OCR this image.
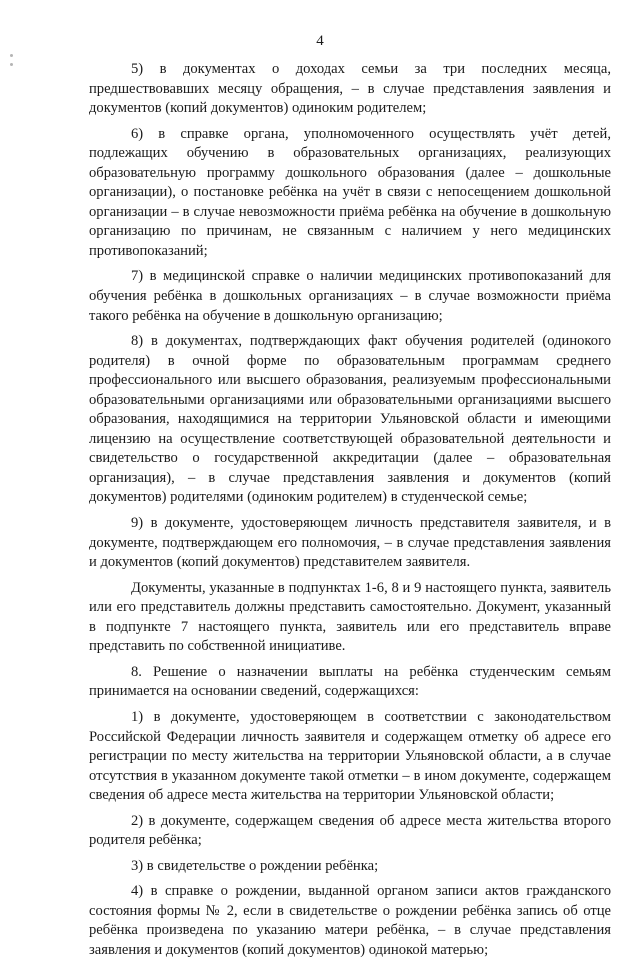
4

5) в документах о доходах семьи за три последних месяца, предшествовавших месяцу обращения, – в случае представления заявления и документов (копий документов) одиноким родителем;

6) в справке органа, уполномоченного осуществлять учёт детей, подлежащих обучению в образовательных организациях, реализующих образовательную программу дошкольного образования (далее – дошкольные организации), о постановке ребёнка на учёт в связи с непосещением дошкольной организации – в случае невозможности приёма ребёнка на обучение в дошкольную организацию по причинам, не связанным с наличием у него медицинских противопоказаний;

7) в медицинской справке о наличии медицинских противопоказаний для обучения ребёнка в дошкольных организациях – в случае возможности приёма такого ребёнка на обучение в дошкольную организацию;

8) в документах, подтверждающих факт обучения родителей (одинокого родителя) в очной форме по образовательным программам среднего профессионального или высшего образования, реализуемым профессиональными образовательными организациями или образовательными организациями высшего образования, находящимися на территории Ульяновской области и имеющими лицензию на осуществление соответствующей образовательной деятельности и свидетельство о государственной аккредитации (далее – образовательная организация), – в случае представления заявления и документов (копий документов) родителями (одиноким родителем) в студенческой семье;

9) в документе, удостоверяющем личность представителя заявителя, и в документе, подтверждающем его полномочия, – в случае представления заявления и документов (копий документов) представителем заявителя.

Документы, указанные в подпунктах 1-6, 8 и 9 настоящего пункта, заявитель или его представитель должны представить самостоятельно. Документ, указанный в подпункте 7 настоящего пункта, заявитель или его представитель вправе представить по собственной инициативе.

8. Решение о назначении выплаты на ребёнка студенческим семьям принимается на основании сведений, содержащихся:

1) в документе, удостоверяющем в соответствии с законодательством Российской Федерации личность заявителя и содержащем отметку об адресе его регистрации по месту жительства на территории Ульяновской области, а в случае отсутствия в указанном документе такой отметки – в ином документе, содержащем сведения об адресе места жительства на территории Ульяновской области;

2) в документе, содержащем сведения об адресе места жительства второго родителя ребёнка;

3) в свидетельстве о рождении ребёнка;

4) в справке о рождении, выданной органом записи актов гражданского состояния формы № 2, если в свидетельстве о рождении ребёнка запись об отце ребёнка произведена по указанию матери ребёнка, – в случае представления заявления и документов (копий документов) одинокой матерью;
